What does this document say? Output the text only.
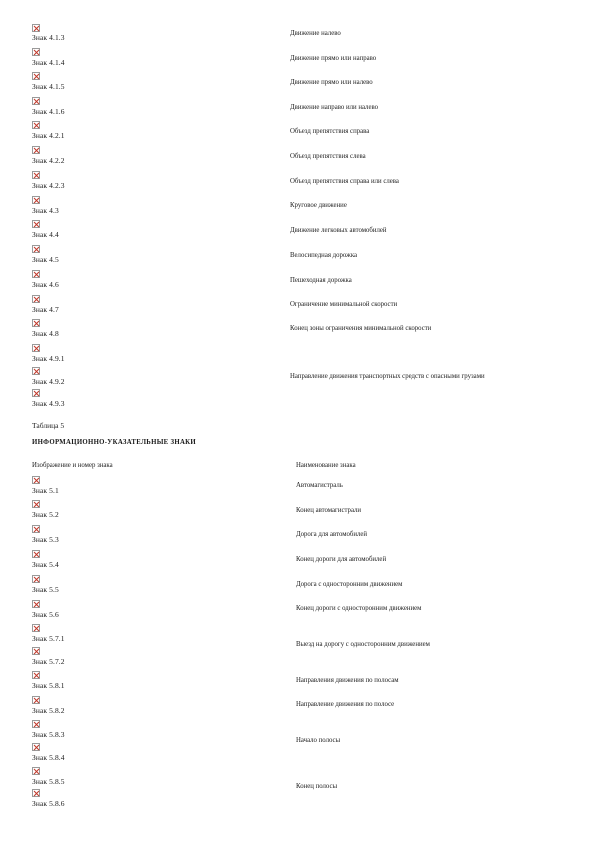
Знак 4.1.3
Знак 4.1.4
Знак 4.1.5
Знак 4.1.6
Знак 4.2.1
Знак 4.2.2
Знак 4.2.3
Знак 4.3
Знак 4.4
Знак 4.5
Знак 4.6
Знак 4.7
Знак 4.8
Знак 4.9.1
Знак 4.9.2
Знак 4.9.3
Движение налево
Движение прямо или направо
Движение прямо или налево
Движение направо или налево
Объезд препятствия справа
Объезд препятствия слева
Объезд препятствия справа или слева
Круговое движение
Движение легковых автомобилей
Велосипедная дорожка
Пешеходная дорожка
Ограничение минимальной скорости
Конец зоны ограничения минимальной скорости
Направление движения транспортных средств с опасными грузами
Таблица 5
ИНФОРМАЦИОННО-УКАЗАТЕЛЬНЫЕ ЗНАКИ
Изображение и номер знака	Наименование знака
Знак 5.1
Знак 5.2
Знак 5.3
Знак 5.4
Знак 5.5
Знак 5.6
Знак 5.7.1
Знак 5.7.2
Знак 5.8.1
Знак 5.8.2
Знак 5.8.3
Знак 5.8.4
Знак 5.8.5
Знак 5.8.6
Автомагистраль
Конец автомагистрали
Дорога для автомобилей
Конец дороги для автомобилей
Дорога с односторонним движением
Конец дороги с односторонним движением
Выезд на дорогу с односторонним движением
Направления движения по полосам
Направление движения по полосе
Начало полосы
Конец полосы
